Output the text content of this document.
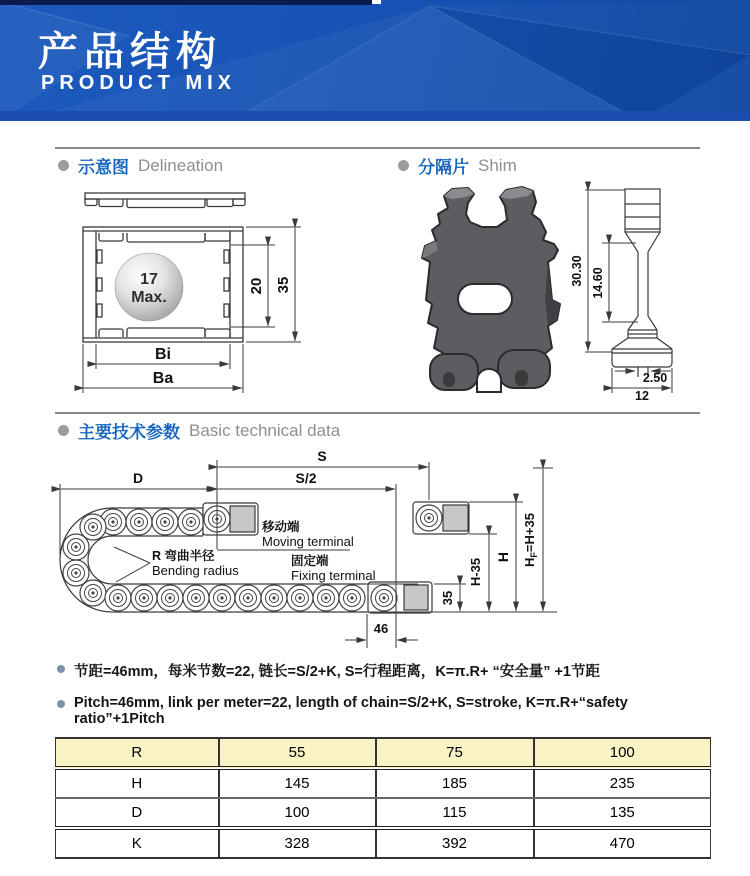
产品结构
PRODUCT MIX
示意图 Delineation	分隔片 Shim
17
Max.
20 35
Bi
Ba
30.30 14.60
2.50
12
主要技术参数 Basic technical data
D
S
S/2
46
35
H-35
H
$H_F=H+35$
移动端
Moving terminal
固定端
Fixing terminal
R 弯曲半径
Bending radius
节距=46mm，每米节数=22, 链长=S/2+K, S=行程距离，K=π.R+ “安全量” +1节距
Pitch=46mm, link per meter=22, length of chain=S/2+K, S=stroke, K=π.R+“safety ratio”+1Pitch
R	55	75	100
H	145	185	235
D	100	115	135
K	328	392	470
